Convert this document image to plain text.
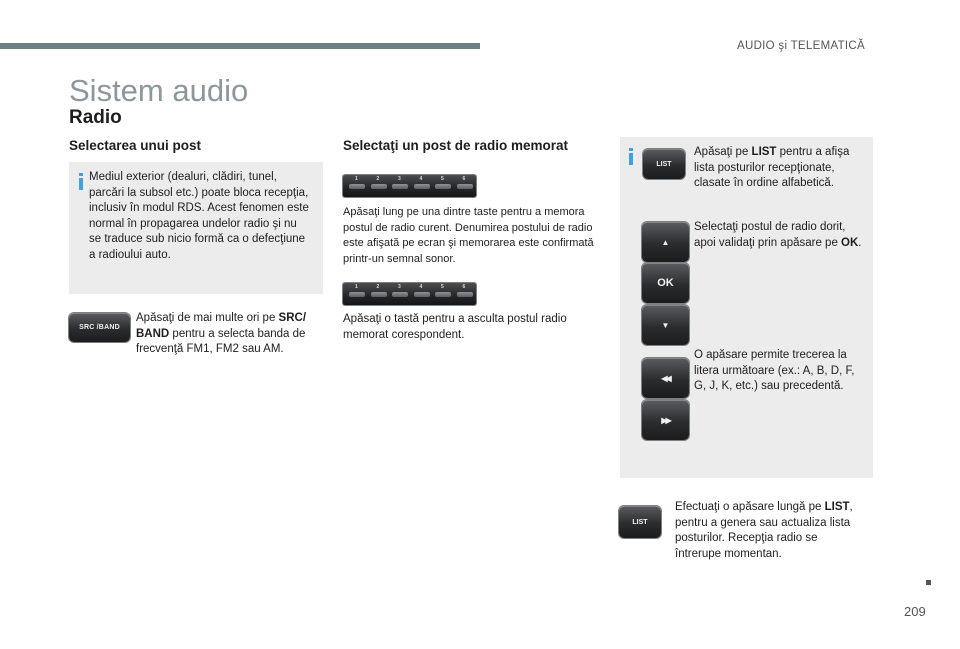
AUDIO şi TELEMATICĂ
Sistem audio
Radio
Selectarea unui post
Mediul exterior (dealuri, clădiri, tunel, parcări la subsol etc.) poate bloca recepţia, inclusiv în modul RDS. Acest fenomen este normal în propagarea undelor radio şi nu se traduce sub nicio formă ca o defecţiune a radioului auto.
SRC /BAND
Apăsaţi de mai multe ori pe SRC/ BAND pentru a selecta banda de frecvenţă FM1, FM2 sau AM.
Selectaţi un post de radio memorat
1	2	3	4	5	6
Apăsaţi lung pe una dintre taste pentru a memora postul de radio curent. Denumirea postului de radio este afişată pe ecran şi memorarea este confirmată printr-un semnal sonor.
1	2	3	4	5	6
Apăsaţi o tastă pentru a asculta postul radio memorat corespondent.
LIST
Apăsaţi pe LIST pentru a afişa lista posturilor recepţionate, clasate în ordine alfabetică.
▲
OK
▼
Selectaţi postul de radio dorit, apoi validaţi prin apăsare pe OK.
◀◀
▶▶
O apăsare permite trecerea la litera următoare (ex.: A, B, D, F, G, J, K, etc.) sau precedentă.
LIST
Efectuaţi o apăsare lungă pe LIST, pentru a genera sau actualiza lista posturilor. Recepţia radio se întrerupe momentan.
209
